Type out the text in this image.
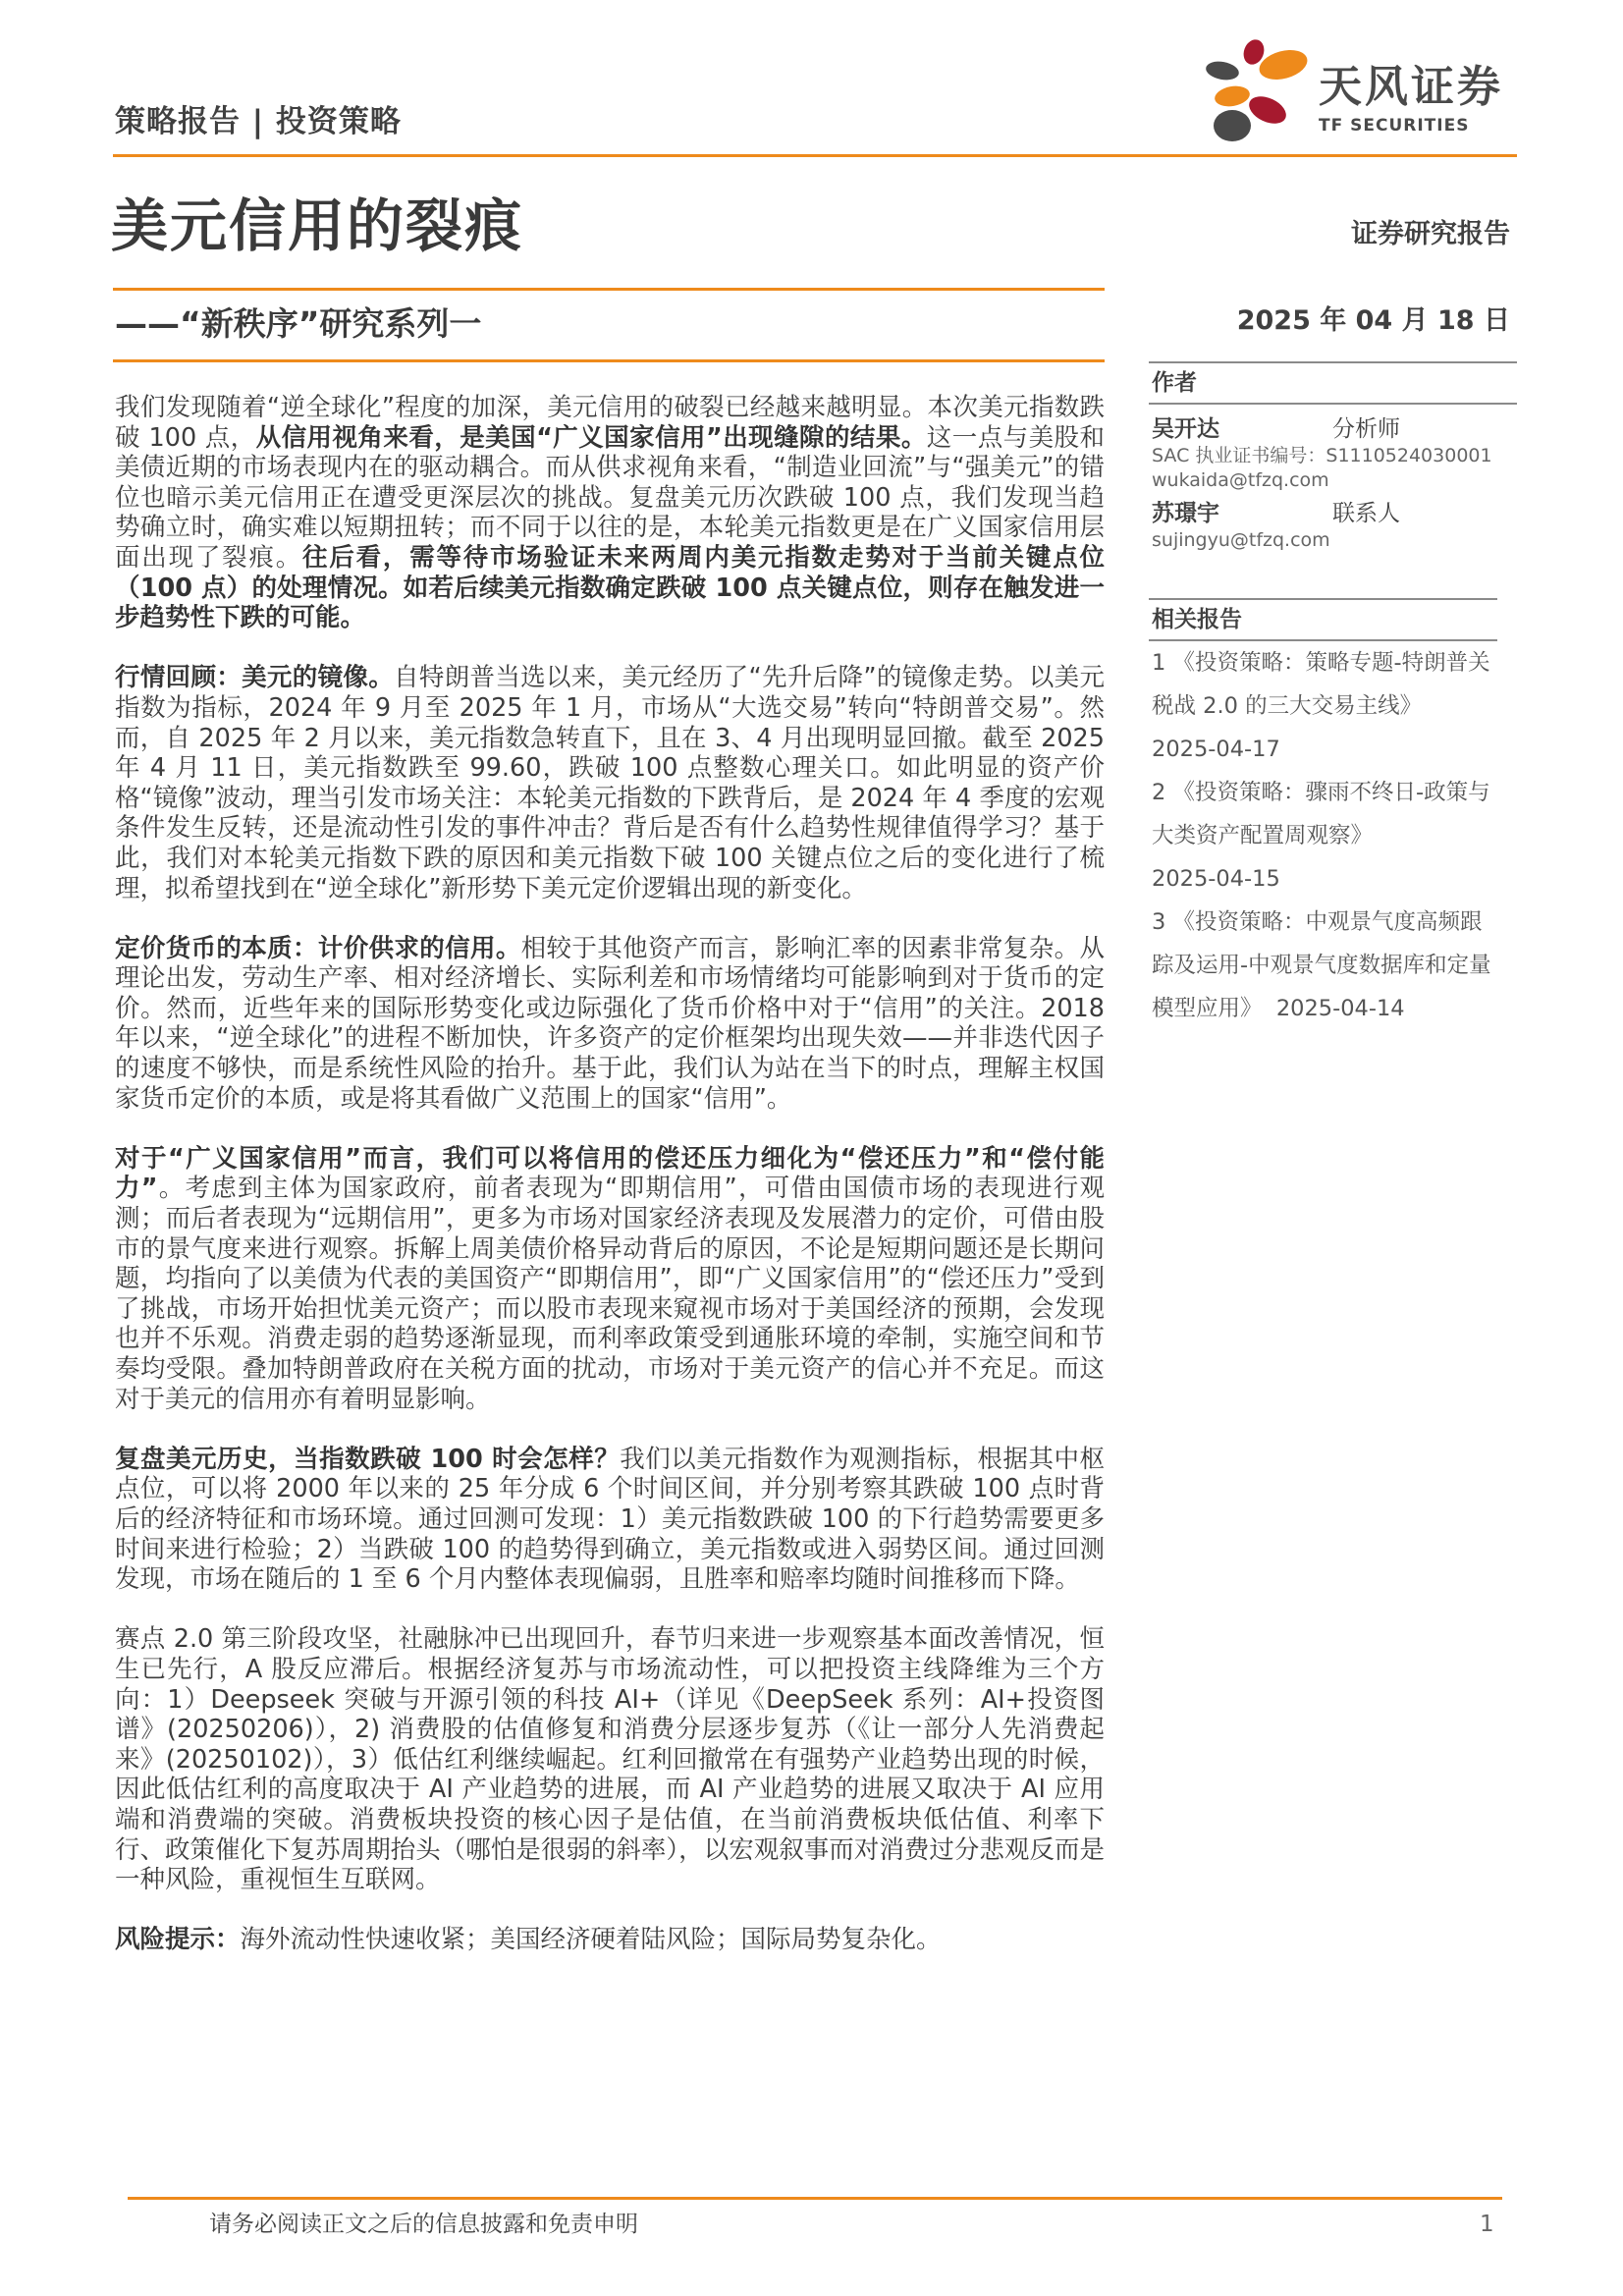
策略报告 | 投资策略
天风证券
TF SECURITIES
美元信用的裂痕
——“新秩序”研究系列一
证券研究报告
2025 年 04 月 18 日
作者
吴开达	分析师
SAC 执业证书编号：S1110524030001
wukaida@tfzq.com
苏璟宇	联系人
sujingyu@tfzq.com
相关报告
1 《投资策略：策略专题-特朗普关税战 2.0 的三大交易主线》
2025-04-17
2 《投资策略：骤雨不终日-政策与大类资产配置周观察》
2025-04-15
3 《投资策略：中观景气度高频跟踪及运用-中观景气度数据库和定量模型应用》 2025-04-14

我们发现随着“逆全球化”程度的加深，美元信用的破裂已经越来越明显。本次美元指数跌破 100 点，从信用视角来看，是美国“广义国家信用”出现缝隙的结果。这一点与美股和美债近期的市场表现内在的驱动耦合。而从供求视角来看，“制造业回流”与“强美元”的错位也暗示美元信用正在遭受更深层次的挑战。复盘美元历次跌破 100 点，我们发现当趋势确立时，确实难以短期扭转；而不同于以往的是，本轮美元指数更是在广义国家信用层面出现了裂痕。往后看，需等待市场验证未来两周内美元指数走势对于当前关键点位（100 点）的处理情况。如若后续美元指数确定跌破 100 点关键点位，则存在触发进一步趋势性下跌的可能。

行情回顾：美元的镜像。自特朗普当选以来，美元经历了“先升后降”的镜像走势。以美元指数为指标，2024 年 9 月至 2025 年 1 月，市场从“大选交易”转向“特朗普交易”。然而，自 2025 年 2 月以来，美元指数急转直下，且在 3、4 月出现明显回撤。截至 2025 年 4 月 11 日，美元指数跌至 99.60，跌破 100 点整数心理关口。如此明显的资产价格“镜像”波动，理当引发市场关注：本轮美元指数的下跌背后，是 2024 年 4 季度的宏观条件发生反转，还是流动性引发的事件冲击？背后是否有什么趋势性规律值得学习？基于此，我们对本轮美元指数下跌的原因和美元指数下破 100 关键点位之后的变化进行了梳理，拟希望找到在“逆全球化”新形势下美元定价逻辑出现的新变化。

定价货币的本质：计价供求的信用。相较于其他资产而言，影响汇率的因素非常复杂。从理论出发，劳动生产率、相对经济增长、实际利差和市场情绪均可能影响到对于货币的定价。然而，近些年来的国际形势变化或边际强化了货币价格中对于“信用”的关注。2018 年以来，“逆全球化”的进程不断加快，许多资产的定价框架均出现失效——并非迭代因子的速度不够快，而是系统性风险的抬升。基于此，我们认为站在当下的时点，理解主权国家货币定价的本质，或是将其看做广义范围上的国家“信用”。

对于“广义国家信用”而言，我们可以将信用的偿还压力细化为“偿还压力”和“偿付能力”。考虑到主体为国家政府，前者表现为“即期信用”，可借由国债市场的表现进行观测；而后者表现为“远期信用”，更多为市场对国家经济表现及发展潜力的定价，可借由股市的景气度来进行观察。拆解上周美债价格异动背后的原因，不论是短期问题还是长期问题，均指向了以美债为代表的美国资产“即期信用”，即“广义国家信用”的“偿还压力”受到了挑战，市场开始担忧美元资产；而以股市表现来窥视市场对于美国经济的预期，会发现也并不乐观。消费走弱的趋势逐渐显现，而利率政策受到通胀环境的牵制，实施空间和节奏均受限。叠加特朗普政府在关税方面的扰动，市场对于美元资产的信心并不充足。而这对于美元的信用亦有着明显影响。

复盘美元历史，当指数跌破 100 时会怎样？我们以美元指数作为观测指标，根据其中枢点位，可以将 2000 年以来的 25 年分成 6 个时间区间，并分别考察其跌破 100 点时背后的经济特征和市场环境。通过回测可发现：1）美元指数跌破 100 的下行趋势需要更多时间来进行检验；2）当跌破 100 的趋势得到确立，美元指数或进入弱势区间。通过回测发现，市场在随后的 1 至 6 个月内整体表现偏弱，且胜率和赔率均随时间推移而下降。

赛点 2.0 第三阶段攻坚，社融脉冲已出现回升，春节归来进一步观察基本面改善情况，恒生已先行，A 股反应滞后。根据经济复苏与市场流动性，可以把投资主线降维为三个方向：1）Deepseek 突破与开源引领的科技 AI+（详见《DeepSeek 系列：AI+投资图谱》(20250206)），2) 消费股的估值修复和消费分层逐步复苏（《让一部分人先消费起来》(20250102)），3）低估红利继续崛起。红利回撤常在有强势产业趋势出现的时候，因此低估红利的高度取决于 AI 产业趋势的进展，而 AI 产业趋势的进展又取决于 AI 应用端和消费端的突破。消费板块投资的核心因子是估值，在当前消费板块低估值、利率下行、政策催化下复苏周期抬头（哪怕是很弱的斜率），以宏观叙事而对消费过分悲观反而是一种风险，重视恒生互联网。

风险提示：海外流动性快速收紧；美国经济硬着陆风险；国际局势复杂化。

请务必阅读正文之后的信息披露和免责申明	1
